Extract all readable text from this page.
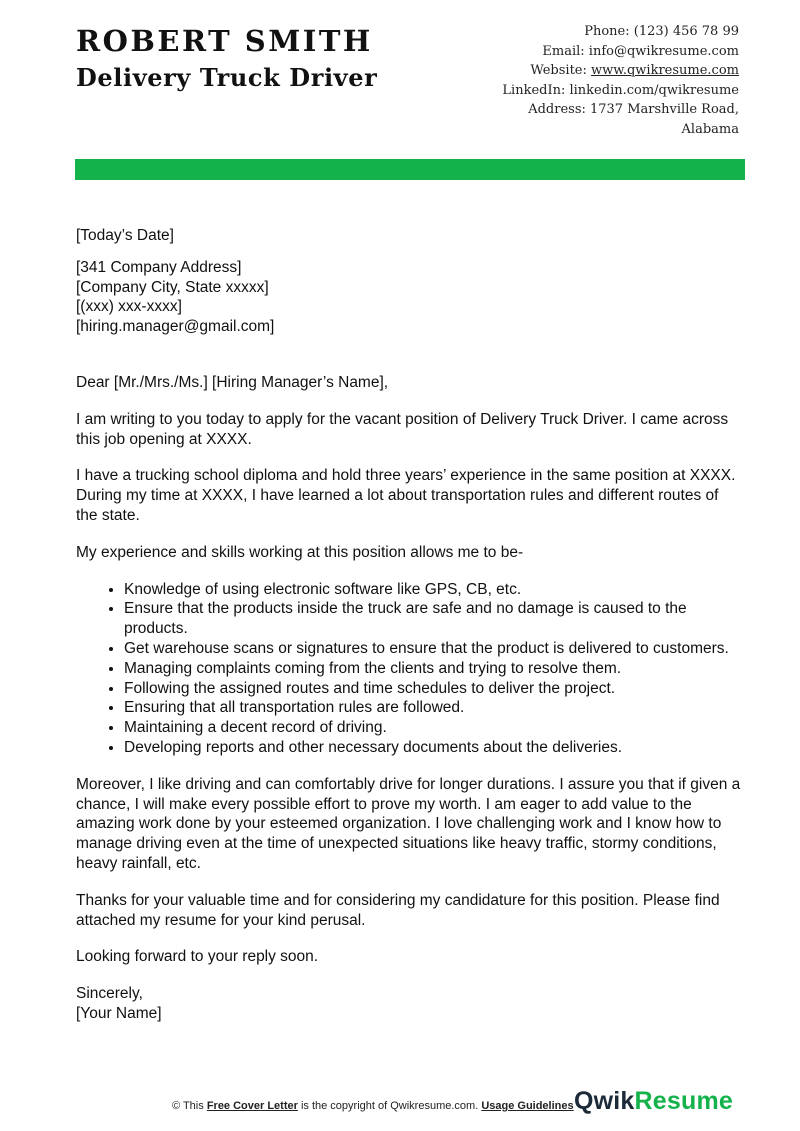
ROBERT SMITH
Delivery Truck Driver
Phone: (123) 456 78 99
Email: info@qwikresume.com
Website: www.qwikresume.com
LinkedIn: linkedin.com/qwikresume
Address: 1737 Marshville Road,
Alabama

[Today’s Date]

[341 Company Address]
[Company City, State xxxxx]
[(xxx) xxx-xxxx]
[hiring.manager@gmail.com]

Dear [Mr./Mrs./Ms.] [Hiring Manager’s Name],

I am writing to you today to apply for the vacant position of Delivery Truck Driver. I came across this job opening at XXXX.

I have a trucking school diploma and hold three years’ experience in the same position at XXXX. During my time at XXXX, I have learned a lot about transportation rules and different routes of the state.

My experience and skills working at this position allows me to be-

• Knowledge of using electronic software like GPS, CB, etc.
• Ensure that the products inside the truck are safe and no damage is caused to the products.
• Get warehouse scans or signatures to ensure that the product is delivered to customers.
• Managing complaints coming from the clients and trying to resolve them.
• Following the assigned routes and time schedules to deliver the project.
• Ensuring that all transportation rules are followed.
• Maintaining a decent record of driving.
• Developing reports and other necessary documents about the deliveries.

Moreover, I like driving and can comfortably drive for longer durations. I assure you that if given a chance, I will make every possible effort to prove my worth. I am eager to add value to the amazing work done by your esteemed organization. I love challenging work and I know how to manage driving even at the time of unexpected situations like heavy traffic, stormy conditions, heavy rainfall, etc.

Thanks for your valuable time and for considering my candidature for this position. Please find attached my resume for your kind perusal.

Looking forward to your reply soon.

Sincerely,
[Your Name]

© This Free Cover Letter is the copyright of Qwikresume.com. Usage Guidelines QwikResume
